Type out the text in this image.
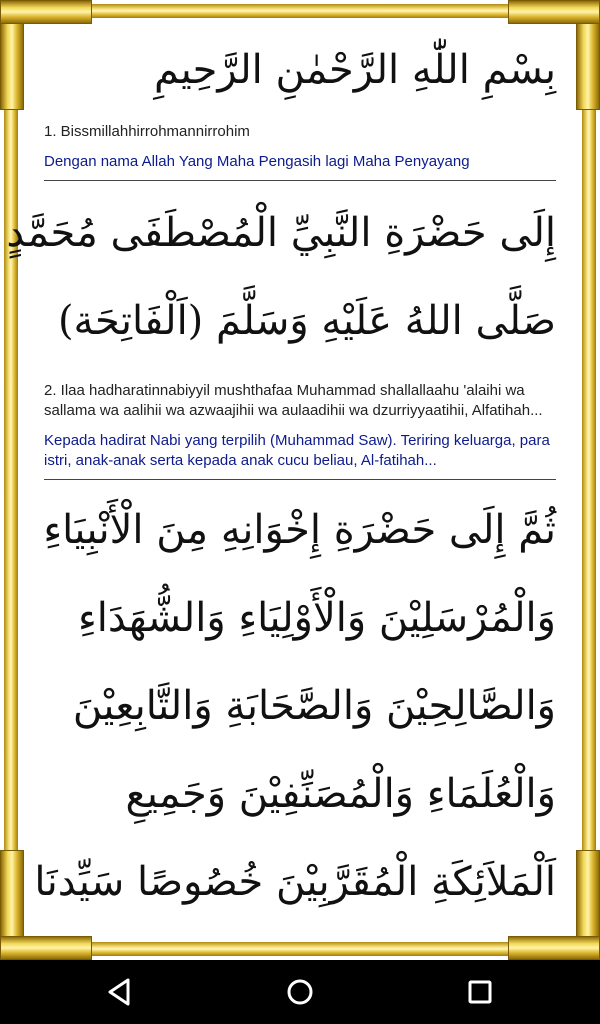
بِسْمِ اللّٰهِ الرَّحْمٰنِ الرَّحِيمِ

1. Bissmillahhirrohmannirrohim

Dengan nama Allah Yang Maha Pengasih lagi Maha Penyayang

إِلَى حَضْرَةِ النَّبِيِّ الْمُصْطَفَى مُحَمَّدٍ
صَلَّى اللهُ عَلَيْهِ وَسَلَّمَ (اَلْفَاتِحَة)

2. Ilaa hadharatinnabiyyil mushthafaa Muhammad shallallaahu 'alaihi wa sallama wa aalihii wa azwaajihii wa aulaadihii wa dzurriyyaatihii, Alfatihah...

Kepada hadirat Nabi yang terpilih (Muhammad Saw). Teriring keluarga, para istri, anak-anak serta kepada anak cucu beliau, Al-fatihah...

ثُمَّ إِلَى حَضْرَةِ إِخْوَانِهِ مِنَ الْأَنْبِيَاءِ
وَالْمُرْسَلِيْنَ وَالْأَوْلِيَاءِ وَالشُّهَدَاءِ
وَالصَّالِحِيْنَ وَالصَّحَابَةِ وَالتَّابِعِيْنَ
وَالْعُلَمَاءِ وَالْمُصَنِّفِيْنَ وَجَمِيعِ
اَلْمَلاَئِكَةِ الْمُقَرَّبِيْنَ خُصُوصًا سَيِّدنَا
